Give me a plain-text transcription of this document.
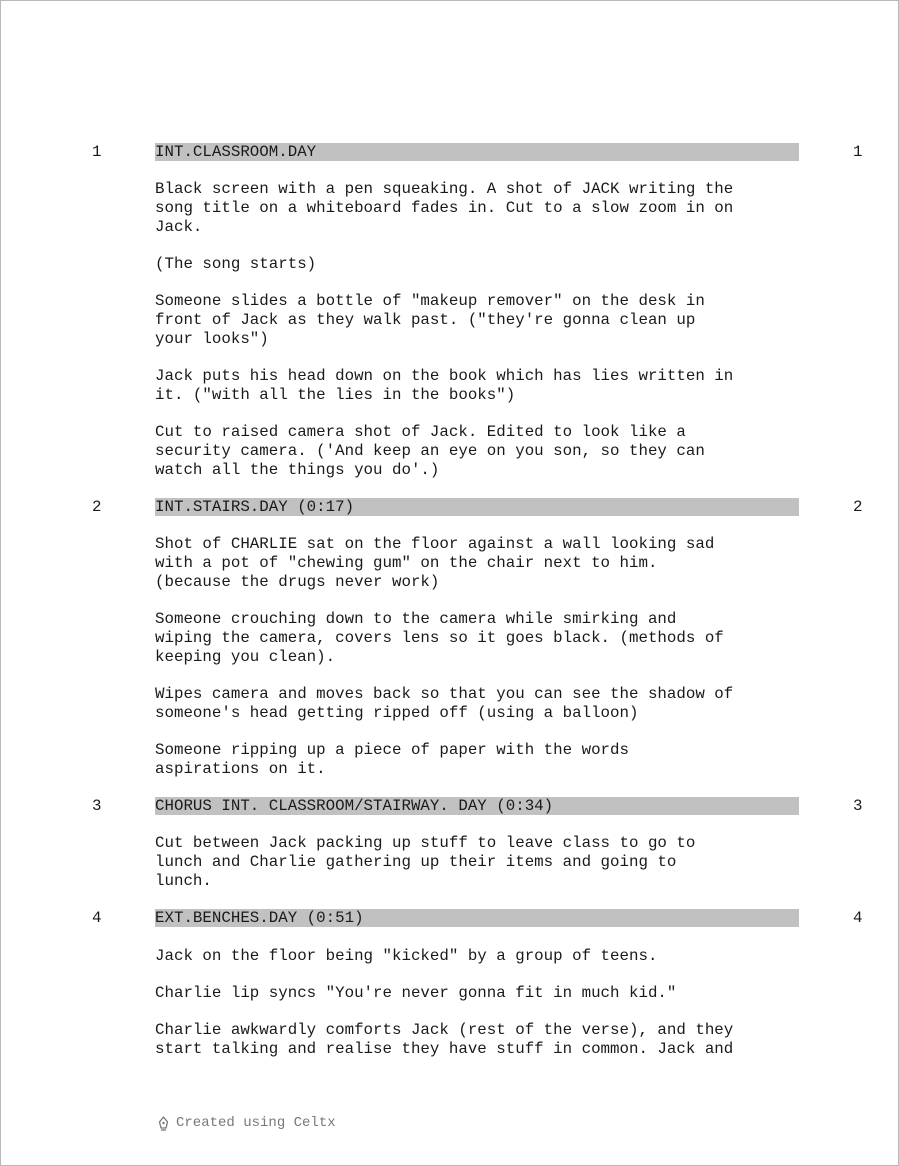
1	INT.CLASSROOM.DAY	1
Black screen with a pen squeaking. A shot of JACK writing the
song title on a whiteboard fades in. Cut to a slow zoom in on
Jack.
(The song starts)
Someone slides a bottle of "makeup remover" on the desk in
front of Jack as they walk past. ("they're gonna clean up
your looks")
Jack puts his head down on the book which has lies written in
it. ("with all the lies in the books")
Cut to raised camera shot of Jack. Edited to look like a
security camera. ('And keep an eye on you son, so they can
watch all the things you do'.)
2	INT.STAIRS.DAY (0:17)	2
Shot of CHARLIE sat on the floor against a wall looking sad
with a pot of "chewing gum" on the chair next to him.
(because the drugs never work)
Someone crouching down to the camera while smirking and
wiping the camera, covers lens so it goes black. (methods of
keeping you clean).
Wipes camera and moves back so that you can see the shadow of
someone's head getting ripped off (using a balloon)
Someone ripping up a piece of paper with the words
aspirations on it.
3	CHORUS INT. CLASSROOM/STAIRWAY. DAY (0:34)	3
Cut between Jack packing up stuff to leave class to go to
lunch and Charlie gathering up their items and going to
lunch.
4	EXT.BENCHES.DAY (0:51)	4
Jack on the floor being "kicked" by a group of teens.
Charlie lip syncs "You're never gonna fit in much kid."
Charlie awkwardly comforts Jack (rest of the verse), and they
start talking and realise they have stuff in common. Jack and
Created using Celtx
